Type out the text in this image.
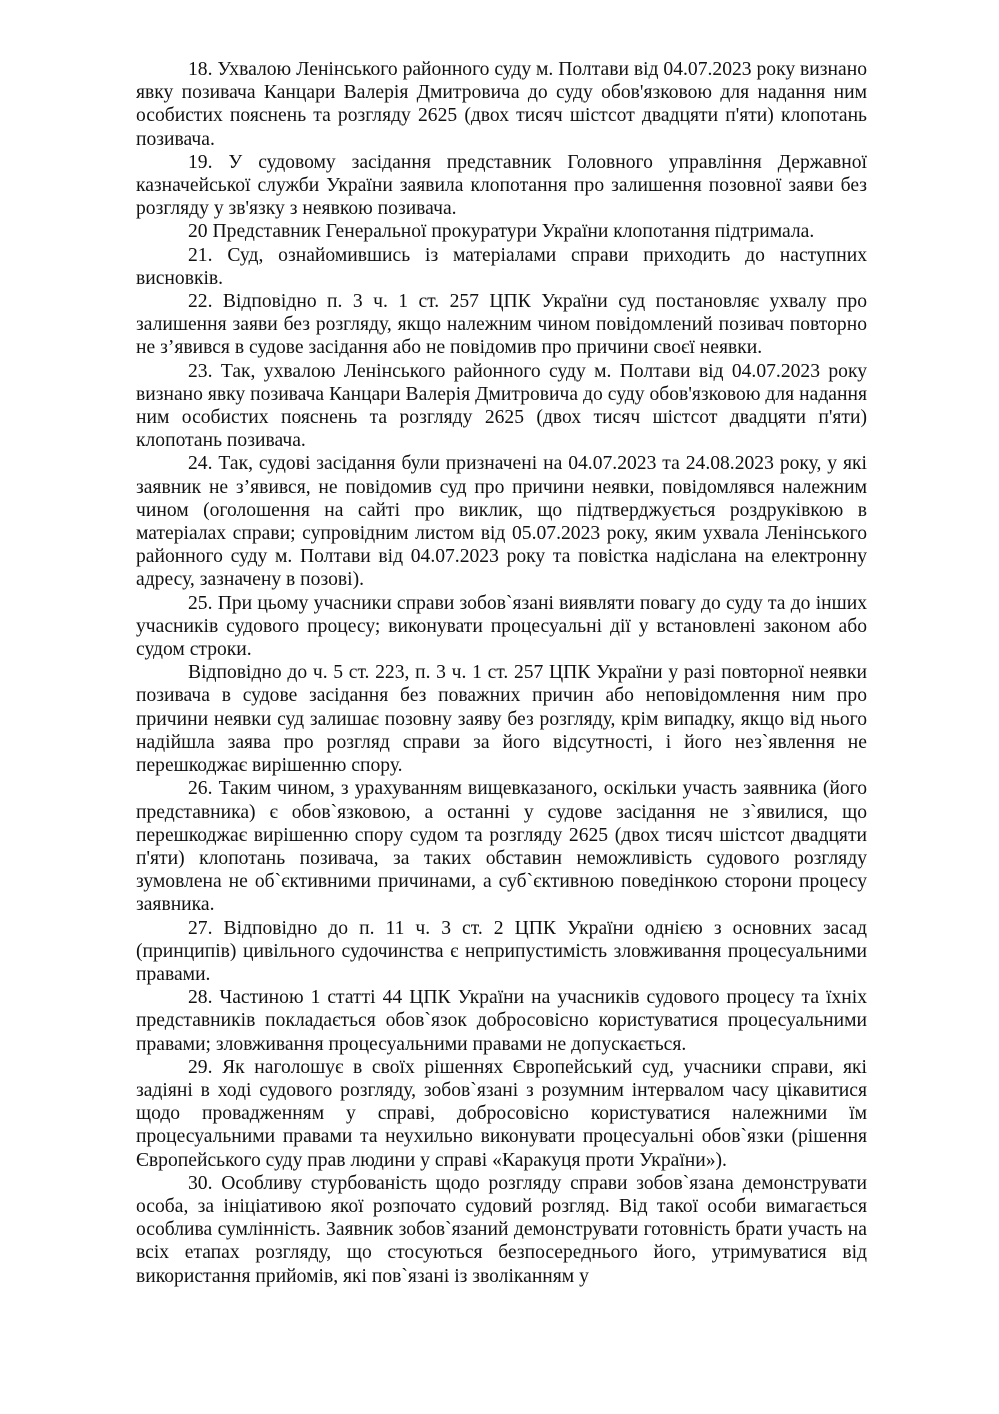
18. Ухвалою Ленінського районного суду м. Полтави від 04.07.2023 року визнано явку позивача Канцари Валерія Дмитровича до суду обов'язковою для надання ним особистих пояснень та розгляду 2625 (двох тисяч шістсот двадцяти п'яти) клопотань позивача.

19. У судовому засідання представник Головного управління Державної казначейської служби України заявила клопотання про залишення позовної заяви без розгляду у зв'язку з неявкою позивача.

20 Представник Генеральної прокуратури України клопотання підтримала.

21. Суд, ознайомившись із матеріалами справи приходить до наступних висновків.

22. Відповідно п. 3 ч. 1 ст. 257 ЦПК України суд постановляє ухвалу про залишення заяви без розгляду, якщо належним чином повідомлений позивач повторно не з’явився в судове засідання або не повідомив про причини своєї неявки.

23. Так, ухвалою Ленінського районного суду м. Полтави від 04.07.2023 року визнано явку позивача Канцари Валерія Дмитровича до суду обов'язковою для надання ним особистих пояснень та розгляду 2625 (двох тисяч шістсот двадцяти п'яти) клопотань позивача.

24. Так, судові засідання були призначені на 04.07.2023 та 24.08.2023 року, у які заявник не з’явився, не повідомив суд про причини неявки, повідомлявся належним чином (оголошення на сайті про виклик, що підтверджується роздруківкою в матеріалах справи; супровідним листом від 05.07.2023 року, яким ухвала Ленінського районного суду м. Полтави від 04.07.2023 року та повістка надіслана на електронну адресу, зазначену в позові).

25. При цьому учасники справи зобов`язані виявляти повагу до суду та до інших учасників судового процесу; виконувати процесуальні дії у встановлені законом або судом строки.

Відповідно до ч. 5 ст. 223, п. 3 ч. 1 ст. 257 ЦПК України у разі повторної неявки позивача в судове засідання без поважних причин або неповідомлення ним про причини неявки суд залишає позовну заяву без розгляду, крім випадку, якщо від нього надійшла заява про розгляд справи за його відсутності, і його нез`явлення не перешкоджає вирішенню спору.

26. Таким чином, з урахуванням вищевказаного, оскільки участь заявника (його представника) є обов`язковою, а останні у судове засідання не з`явилися, що перешкоджає вирішенню спору судом та розгляду 2625 (двох тисяч шістсот двадцяти п'яти) клопотань позивача, за таких обставин неможливість судового розгляду зумовлена не об`єктивними причинами, а суб`єктивною поведінкою сторони процесу заявника.

27. Відповідно до п. 11 ч. 3 ст. 2 ЦПК України однією з основних засад (принципів) цивільного судочинства є неприпустимість зловживання процесуальними правами.

28. Частиною 1 статті 44 ЦПК України на учасників судового процесу та їхніх представників покладається обов`язок добросовісно користуватися процесуальними правами; зловживання процесуальними правами не допускається.

29. Як наголошує в своїх рішеннях Європейський суд, учасники справи, які задіяні в ході судового розгляду, зобов`язані з розумним інтервалом часу цікавитися щодо провадженням у справі, добросовісно користуватися належними їм процесуальними правами та неухильно виконувати процесуальні обов`язки (рішення Європейського суду прав людини у справі «Каракуця проти України»).

30. Особливу стурбованість щодо розгляду справи зобов`язана демонструвати особа, за ініціативою якої розпочато судовий розгляд. Від такої особи вимагається особлива сумлінність. Заявник зобов`язаний демонструвати готовність брати участь на всіх етапах розгляду, що стосуються безпосереднього його, утримуватися від використання прийомів, які пов`язані із зволіканням у
